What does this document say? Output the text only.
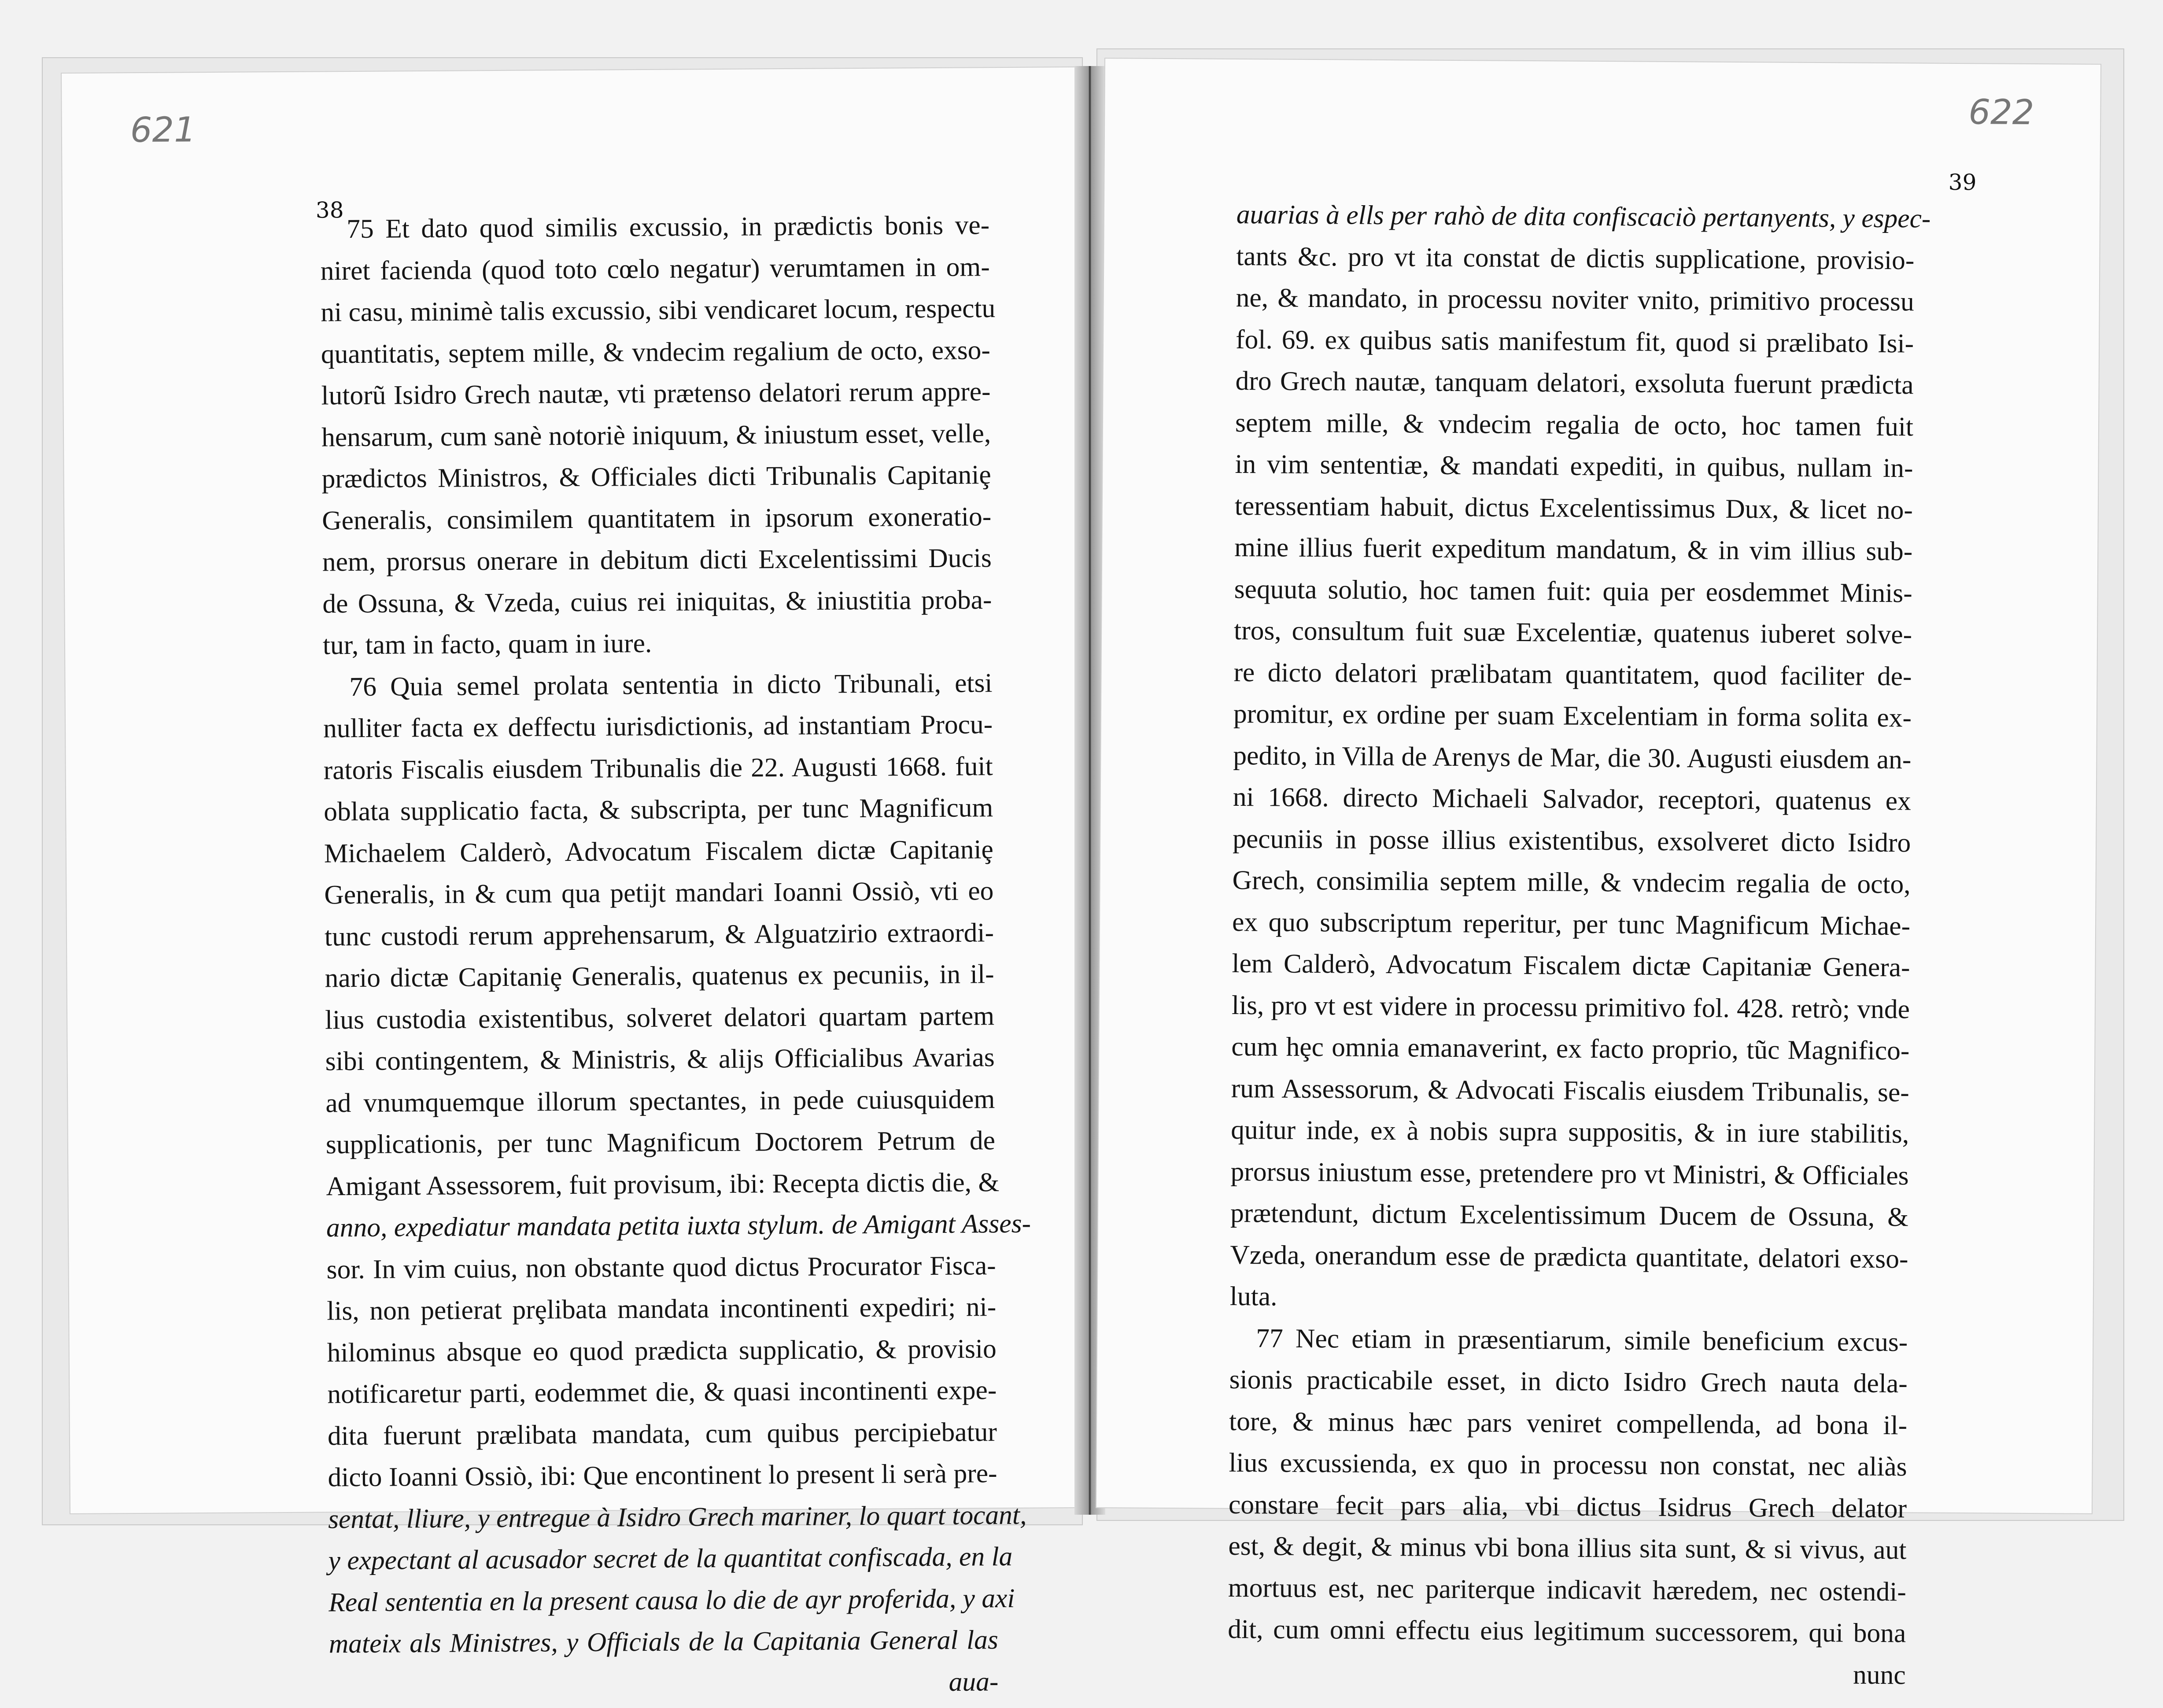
621
38 75 Et dato quod similis excussio, in prædictis bonis ve-
niret facienda (quod toto cœlo negatur) verumtamen in om-
ni casu, minimè talis excussio, sibi vendicaret locum, respectu
quantitatis, septem mille, & vndecim regalium de octo, exso-
lutorũ Isidro Grech nautæ, vti prætenso delatori rerum appre-
hensarum, cum sanè notoriè iniquum, & iniustum esset, velle,
prædictos Ministros, & Officiales dicti Tribunalis Capitaniȩ
Generalis, consimilem quantitatem in ipsorum exoneratio-
nem, prorsus onerare in debitum dicti Excelentissimi Ducis
de Ossuna, & Vzeda, cuius rei iniquitas, & iniustitia proba-
tur, tam in facto, quam in iure.
76 Quia semel prolata sententia in dicto Tribunali, etsi
nulliter facta ex deffectu iurisdictionis, ad instantiam Procu-
ratoris Fiscalis eiusdem Tribunalis die 22. Augusti 1668. fuit
oblata supplicatio facta, & subscripta, per tunc Magnificum
Michaelem Calderò, Advocatum Fiscalem dictæ Capitaniȩ
Generalis, in & cum qua petijt mandari Ioanni Ossiò, vti eo
tunc custodi rerum apprehensarum, & Alguatzirio extraordi-
nario dictæ Capitaniȩ Generalis, quatenus ex pecuniis, in il-
lius custodia existentibus, solveret delatori quartam partem
sibi contingentem, & Ministris, & alijs Officialibus Avarias
ad vnumquemque illorum spectantes, in pede cuiusquidem
supplicationis, per tunc Magnificum Doctorem Petrum de
Amigant Assessorem, fuit provisum, ibi: Recepta dictis die, &
anno, expediatur mandata petita iuxta stylum. de Amigant Asses-
sor. In vim cuius, non obstante quod dictus Procurator Fisca-
lis, non petierat prȩlibata mandata incontinenti expediri; ni-
hilominus absque eo quod prædicta supplicatio, & provisio
notificaretur parti, eodemmet die, & quasi incontinenti expe-
dita fuerunt prælibata mandata, cum quibus percipiebatur
dicto Ioanni Ossiò, ibi: Que encontinent lo present li serà pre-
sentat, lliure, y entregue à Isidro Grech mariner, lo quart tocant,
y expectant al acusador secret de la quantitat confiscada, en la
Real sententia en la present causa lo die de ayr proferida, y axi
mateix als Ministres, y Officials de la Capitania General las
aua-
622
39
auarias à ells per rahò de dita confiscaciò pertanyents, y espec-
tants &c. pro vt ita constat de dictis supplicatione, provisio-
ne, & mandato, in processu noviter vnito, primitivo processu
fol. 69. ex quibus satis manifestum fit, quod si prælibato Isi-
dro Grech nautæ, tanquam delatori, exsoluta fuerunt prædicta
septem mille, & vndecim regalia de octo, hoc tamen fuit
in vim sententiæ, & mandati expediti, in quibus, nullam in-
teressentiam habuit, dictus Excelentissimus Dux, & licet no-
mine illius fuerit expeditum mandatum, & in vim illius sub-
sequuta solutio, hoc tamen fuit: quia per eosdemmet Minis-
tros, consultum fuit suæ Excelentiæ, quatenus iuberet solve-
re dicto delatori prælibatam quantitatem, quod faciliter de-
promitur, ex ordine per suam Excelentiam in forma solita ex-
pedito, in Villa de Arenys de Mar, die 30. Augusti eiusdem an-
ni 1668. directo Michaeli Salvador, receptori, quatenus ex
pecuniis in posse illius existentibus, exsolveret dicto Isidro
Grech, consimilia septem mille, & vndecim regalia de octo,
ex quo subscriptum reperitur, per tunc Magnificum Michae-
lem Calderò, Advocatum Fiscalem dictæ Capitaniæ Genera-
lis, pro vt est videre in processu primitivo fol. 428. retrò; vnde
cum hȩc omnia emanaverint, ex facto proprio, tũc Magnifico-
rum Assessorum, & Advocati Fiscalis eiusdem Tribunalis, se-
quitur inde, ex à nobis supra suppositis, & in iure stabilitis,
prorsus iniustum esse, pretendere pro vt Ministri, & Officiales
prætendunt, dictum Excelentissimum Ducem de Ossuna, &
Vzeda, onerandum esse de prædicta quantitate, delatori exso-
luta.
77 Nec etiam in præsentiarum, simile beneficium excus-
sionis practicabile esset, in dicto Isidro Grech nauta dela-
tore, & minus hæc pars veniret compellenda, ad bona il-
lius excussienda, ex quo in processu non constat, nec aliàs
constare fecit pars alia, vbi dictus Isidrus Grech delator
est, & degit, & minus vbi bona illius sita sunt, & si vivus, aut
mortuus est, nec pariterque indicavit hæredem, nec ostendi-
dit, cum omni effectu eius legitimum successorem, qui bona
nunc
